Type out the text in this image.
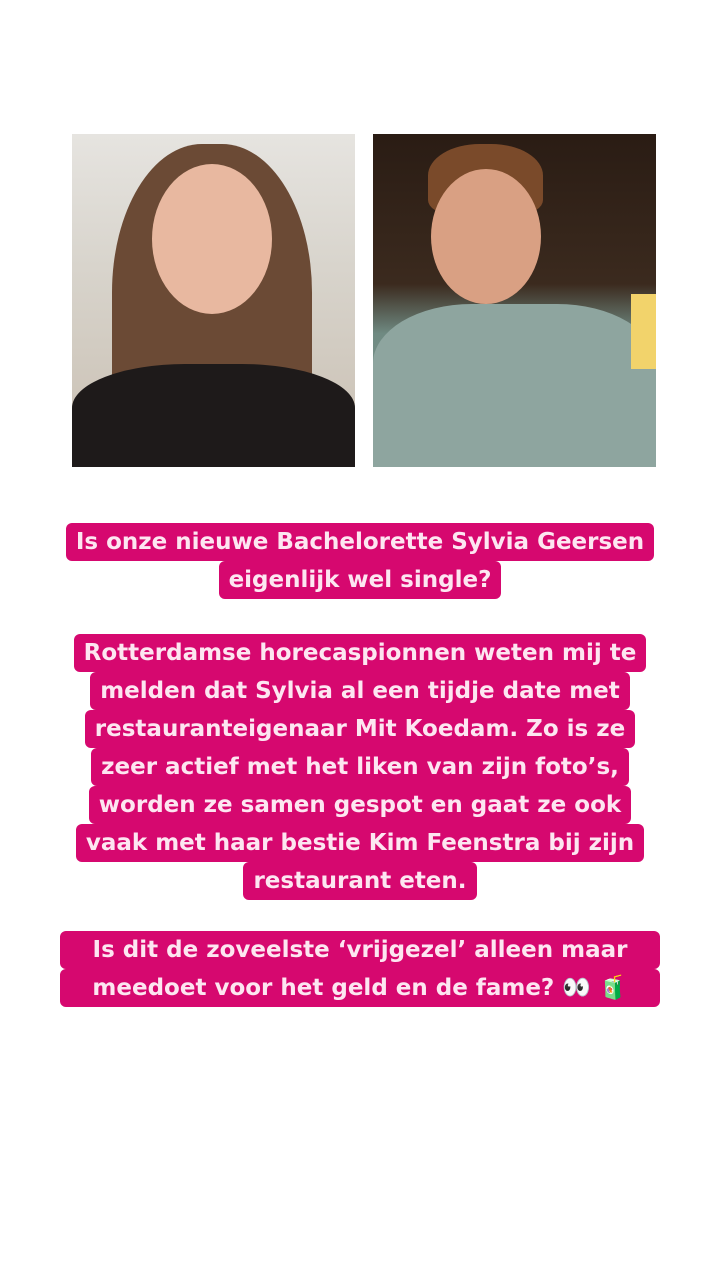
Is onze nieuwe Bachelorette Sylvia Geersen
eigenlijk wel single?
Rotterdamse horecaspionnen weten mij te
melden dat Sylvia al een tijdje date met
restauranteigenaar Mit Koedam. Zo is ze
zeer actief met het liken van zijn foto’s,
worden ze samen gespot en gaat ze ook
vaak met haar bestie Kim Feenstra bij zijn
restaurant eten.
Is dit de zoveelste ‘vrijgezel’ alleen maar
meedoet voor het geld en de fame? 👀 🧃
